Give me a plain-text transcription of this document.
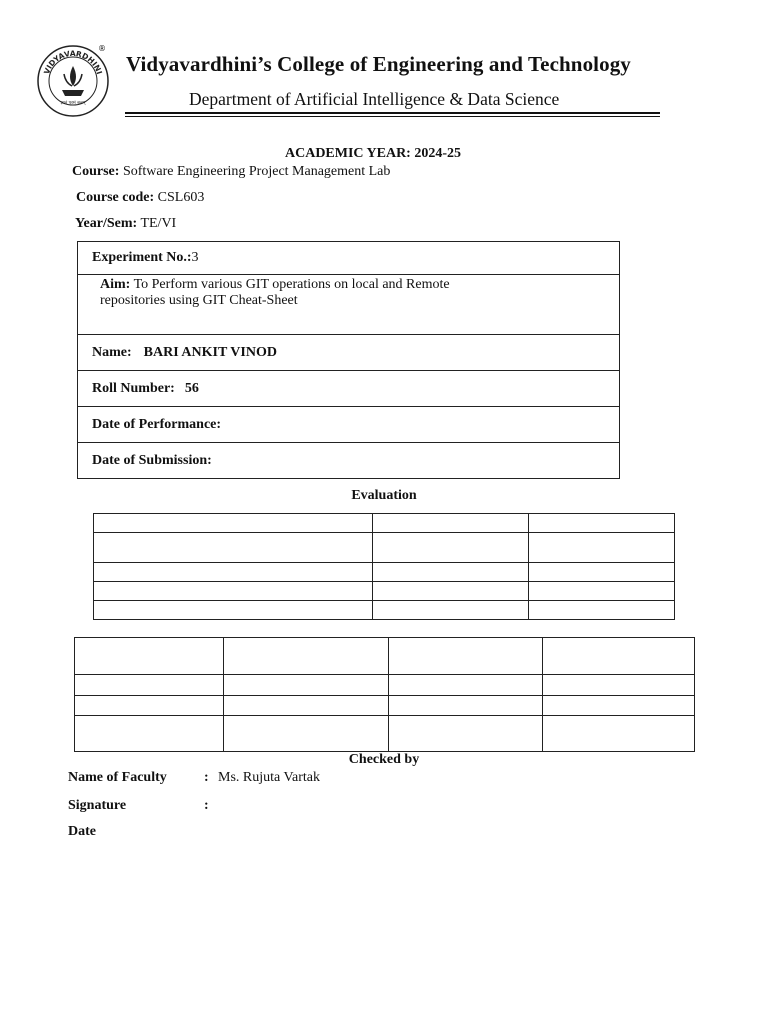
VIDYAVARDHINI
ज्ञानं परमं बलम्
®
Vidyavardhini’s College of Engineering and Technology
Department of Artificial Intelligence & Data Science
ACADEMIC YEAR: 2024-25
Course: Software Engineering Project Management Lab
Course code: CSL603
Year/Sem: TE/VI
Experiment No.: 3
Aim: To Perform various GIT operations on local and Remote
repositories using GIT Cheat-Sheet
Name: BARI ANKIT VINOD
Roll Number: 56
Date of Performance:
Date of Submission:
Evaluation

Checked by
Name of Faculty	: Ms. Rujuta Vartak
Signature	:
Date
